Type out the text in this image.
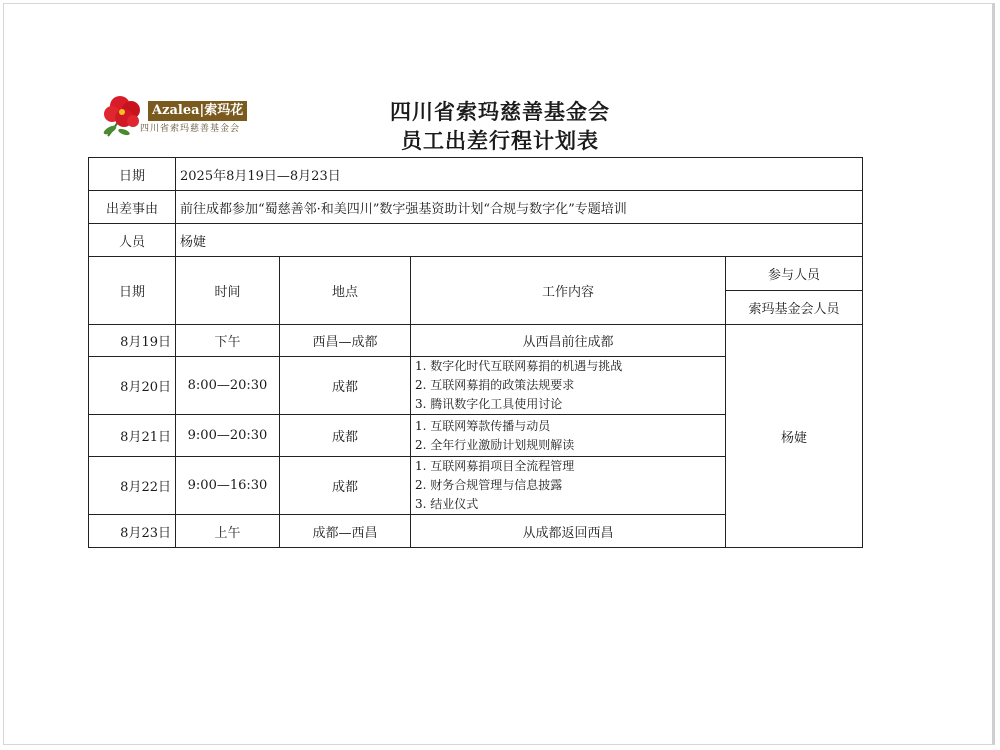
Azalea|索玛花
四川省索玛慈善基金会
四川省索玛慈善基金会
员工出差行程计划表
日期	2025年8月19日—8月23日			
出差事由	前往成都参加“蜀慈善邻·和美四川”数字强基资助计划“合规与数字化”专题培训			
人员	杨婕			
日期	时间	地点	工作内容	参与人员
				索玛基金会人员
8月19日	下午	西昌—成都	从西昌前往成都	杨婕
8月20日	8:00—20:30	成都	1. 数字化时代互联网募捐的机遇与挑战
2. 互联网募捐的政策法规要求
3. 腾讯数字化工具使用讨论	

8月21日	9:00—20:30	成都	1. 互联网筹款传播与动员
2. 全年行业激励计划规则解读	

8月22日	9:00—16:30	成都	1. 互联网募捐项目全流程管理
2. 财务合规管理与信息披露
3. 结业仪式	

8月23日	上午	成都—西昌	从成都返回西昌	
